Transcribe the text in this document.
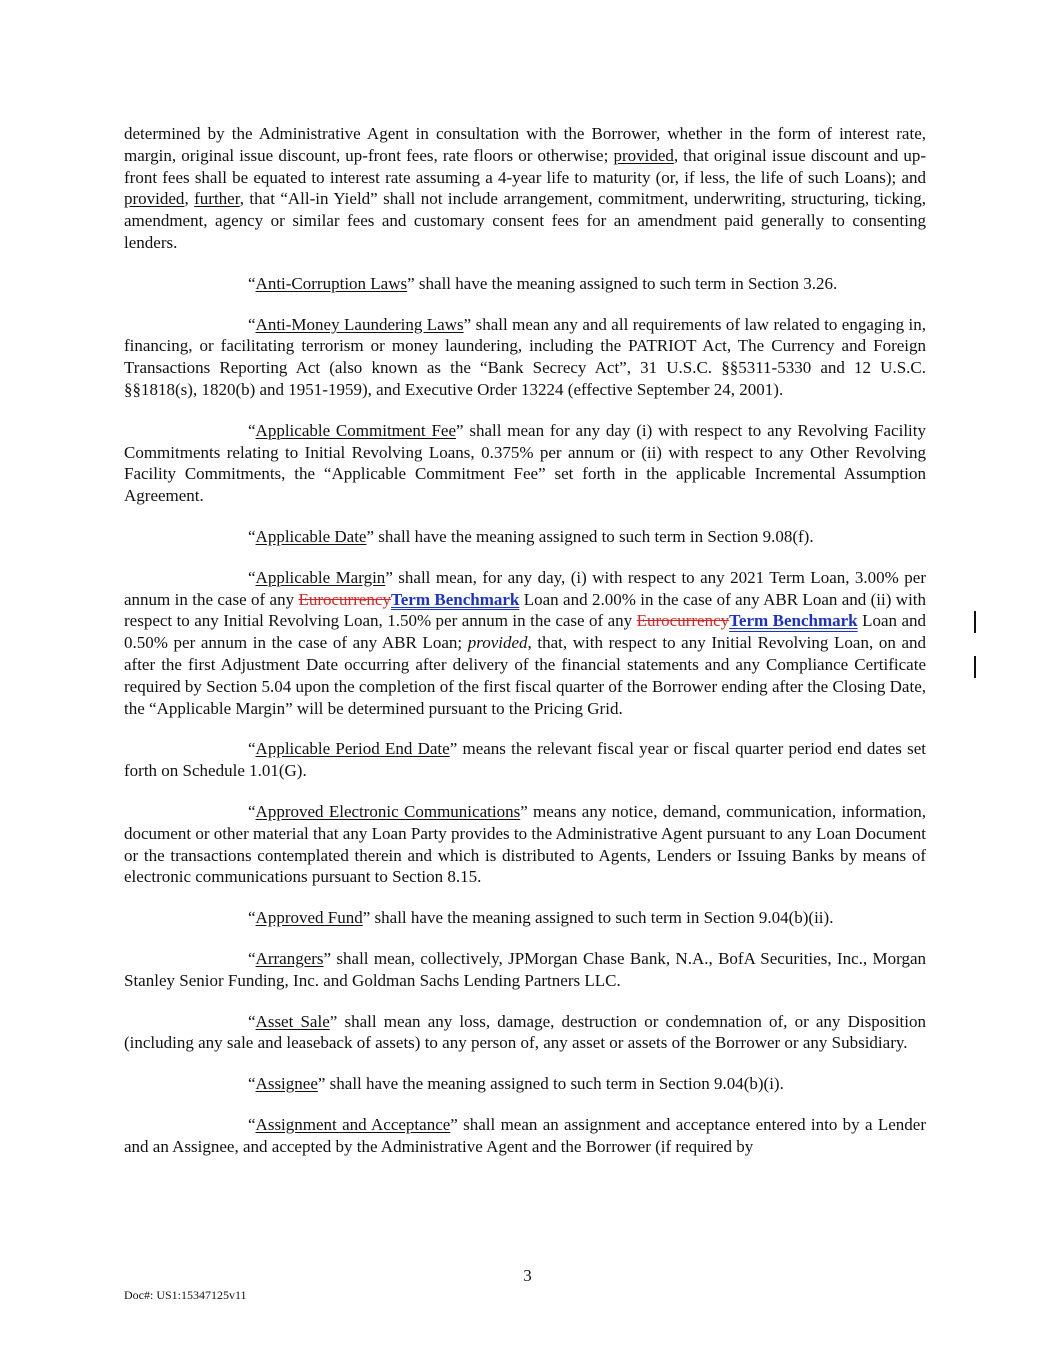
determined by the Administrative Agent in consultation with the Borrower, whether in the form of interest rate, margin, original issue discount, up-front fees, rate floors or otherwise; provided, that original issue discount and up-front fees shall be equated to interest rate assuming a 4-year life to maturity (or, if less, the life of such Loans); and provided, further, that “All-in Yield” shall not include arrangement, commitment, underwriting, structuring, ticking, amendment, agency or similar fees and customary consent fees for an amendment paid generally to consenting lenders.

“Anti-Corruption Laws” shall have the meaning assigned to such term in Section 3.26.

“Anti-Money Laundering Laws” shall mean any and all requirements of law related to engaging in, financing, or facilitating terrorism or money laundering, including the PATRIOT Act, The Currency and Foreign Transactions Reporting Act (also known as the “Bank Secrecy Act”, 31 U.S.C. §§5311-5330 and 12 U.S.C. §§1818(s), 1820(b) and 1951-1959), and Executive Order 13224 (effective September 24, 2001).

“Applicable Commitment Fee” shall mean for any day (i) with respect to any Revolving Facility Commitments relating to Initial Revolving Loans, 0.375% per annum or (ii) with respect to any Other Revolving Facility Commitments, the “Applicable Commitment Fee” set forth in the applicable Incremental Assumption Agreement.

“Applicable Date” shall have the meaning assigned to such term in Section 9.08(f).

“Applicable Margin” shall mean, for any day, (i) with respect to any 2021 Term Loan, 3.00% per annum in the case of any EurocurrencyTerm Benchmark Loan and 2.00% in the case of any ABR Loan and (ii) with respect to any Initial Revolving Loan, 1.50% per annum in the case of any EurocurrencyTerm Benchmark Loan and 0.50% per annum in the case of any ABR Loan; provided, that, with respect to any Initial Revolving Loan, on and after the first Adjustment Date occurring after delivery of the financial statements and any Compliance Certificate required by Section 5.04 upon the completion of the first fiscal quarter of the Borrower ending after the Closing Date, the “Applicable Margin” will be determined pursuant to the Pricing Grid.

“Applicable Period End Date” means the relevant fiscal year or fiscal quarter period end dates set forth on Schedule 1.01(G).

“Approved Electronic Communications” means any notice, demand, communication, information, document or other material that any Loan Party provides to the Administrative Agent pursuant to any Loan Document or the transactions contemplated therein and which is distributed to Agents, Lenders or Issuing Banks by means of electronic communications pursuant to Section 8.15.

“Approved Fund” shall have the meaning assigned to such term in Section 9.04(b)(ii).

“Arrangers” shall mean, collectively, JPMorgan Chase Bank, N.A., BofA Securities, Inc., Morgan Stanley Senior Funding, Inc. and Goldman Sachs Lending Partners LLC.

“Asset Sale” shall mean any loss, damage, destruction or condemnation of, or any Disposition (including any sale and leaseback of assets) to any person of, any asset or assets of the Borrower or any Subsidiary.

“Assignee” shall have the meaning assigned to such term in Section 9.04(b)(i).

“Assignment and Acceptance” shall mean an assignment and acceptance entered into by a Lender and an Assignee, and accepted by the Administrative Agent and the Borrower (if required by

3
Doc#: US1:15347125v11
